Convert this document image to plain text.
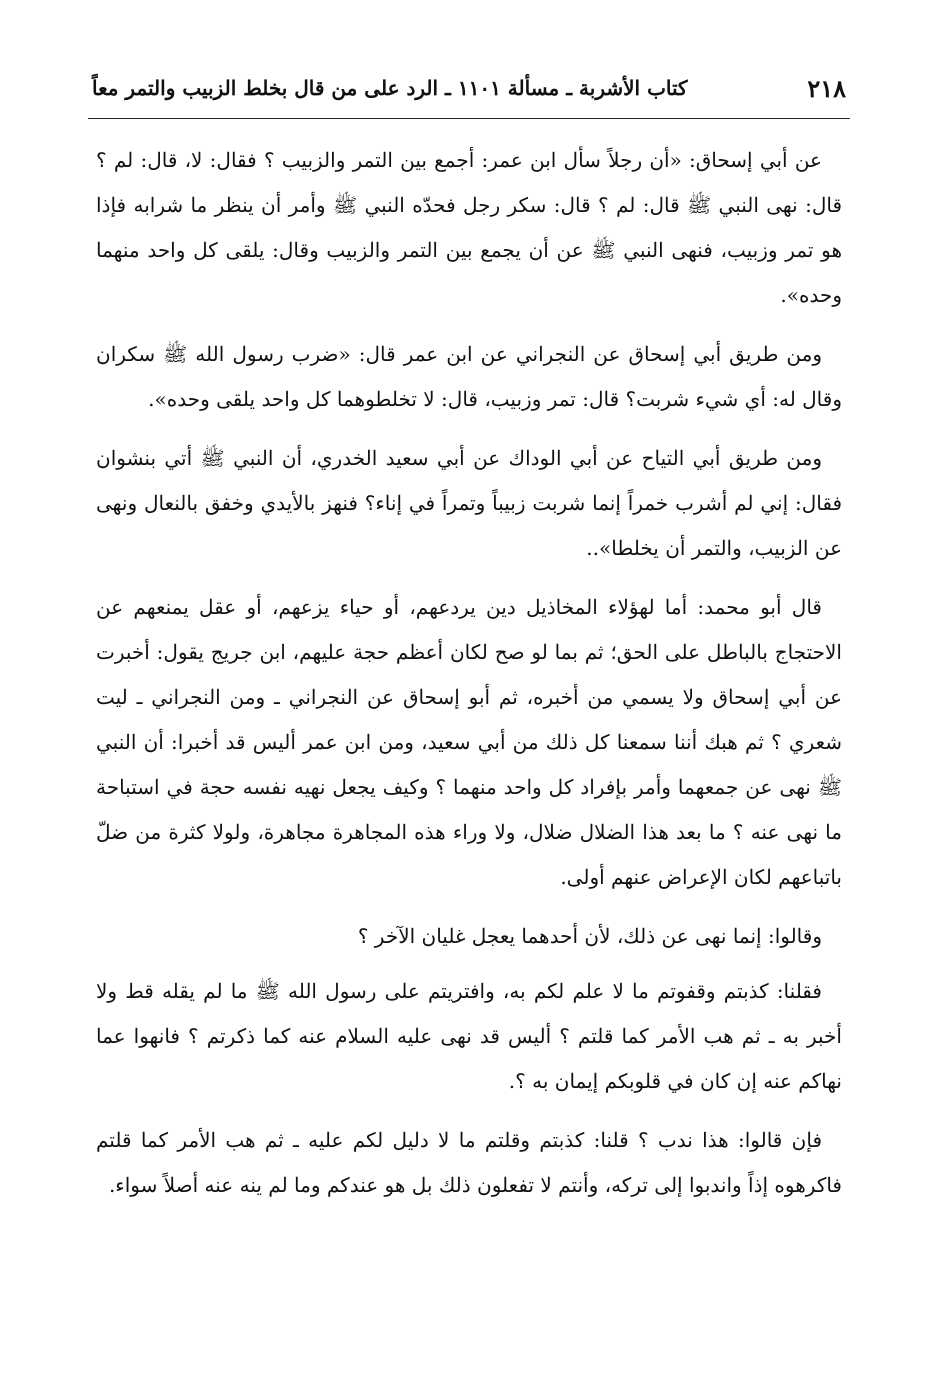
٢١٨
كتاب الأشربة ـ مسألة ١١٠١ ـ الرد على من قال بخلط الزبيب والتمر معاً

عن أبي إسحاق: «أن رجلاً سأل ابن عمر: أجمع بين التمر والزبيب ؟ فقال: لا، قال: لم ؟ قال: نهى النبي ﷺ قال: لم ؟ قال: سكر رجل فحدّه النبي ﷺ وأمر أن ينظر ما شرابه فإذا هو تمر وزبيب، فنهى النبي ﷺ عن أن يجمع بين التمر والزبيب وقال: يلقى كل واحد منهما وحده».

ومن طريق أبي إسحاق عن النجراني عن ابن عمر قال: «ضرب رسول الله ﷺ سكران وقال له: أي شيء شربت؟ قال: تمر وزبيب، قال: لا تخلطوهما كل واحد يلقى وحده».

ومن طريق أبي التياح عن أبي الوداك عن أبي سعيد الخدري، أن النبي ﷺ أتي بنشوان فقال: إني لم أشرب خمراً إنما شربت زبيباً وتمراً في إناء؟ فنهز بالأيدي وخفق بالنعال ونهى عن الزبيب، والتمر أن يخلطا»..

قال أبو محمد: أما لهؤلاء المخاذيل دين يردعهم، أو حياء يزعهم، أو عقل يمنعهم عن الاحتجاج بالباطل على الحق؛ ثم بما لو صح لكان أعظم حجة عليهم، ابن جريج يقول: أخبرت عن أبي إسحاق ولا يسمي من أخبره، ثم أبو إسحاق عن النجراني ـ ومن النجراني ـ ليت شعري ؟ ثم هبك أننا سمعنا كل ذلك من أبي سعيد، ومن ابن عمر أليس قد أخبرا: أن النبي ﷺ نهى عن جمعهما وأمر بإفراد كل واحد منهما ؟ وكيف يجعل نهيه نفسه حجة في استباحة ما نهى عنه ؟ ما بعد هذا الضلال ضلال، ولا وراء هذه المجاهرة مجاهرة، ولولا كثرة من ضلّ باتباعهم لكان الإعراض عنهم أولى.

وقالوا: إنما نهى عن ذلك، لأن أحدهما يعجل غليان الآخر ؟

فقلنا: كذبتم وقفوتم ما لا علم لكم به، وافتريتم على رسول الله ﷺ ما لم يقله قط ولا أخبر به ـ ثم هب الأمر كما قلتم ؟ أليس قد نهى عليه السلام عنه كما ذكرتم ؟ فانهوا عما نهاكم عنه إن كان في قلوبكم إيمان به ؟.

فإن قالوا: هذا ندب ؟ قلنا: كذبتم وقلتم ما لا دليل لكم عليه ـ ثم هب الأمر كما قلتم فاكرهوه إذاً واندبوا إلى تركه، وأنتم لا تفعلون ذلك بل هو عندكم وما لم ينه عنه أصلاً سواء.
